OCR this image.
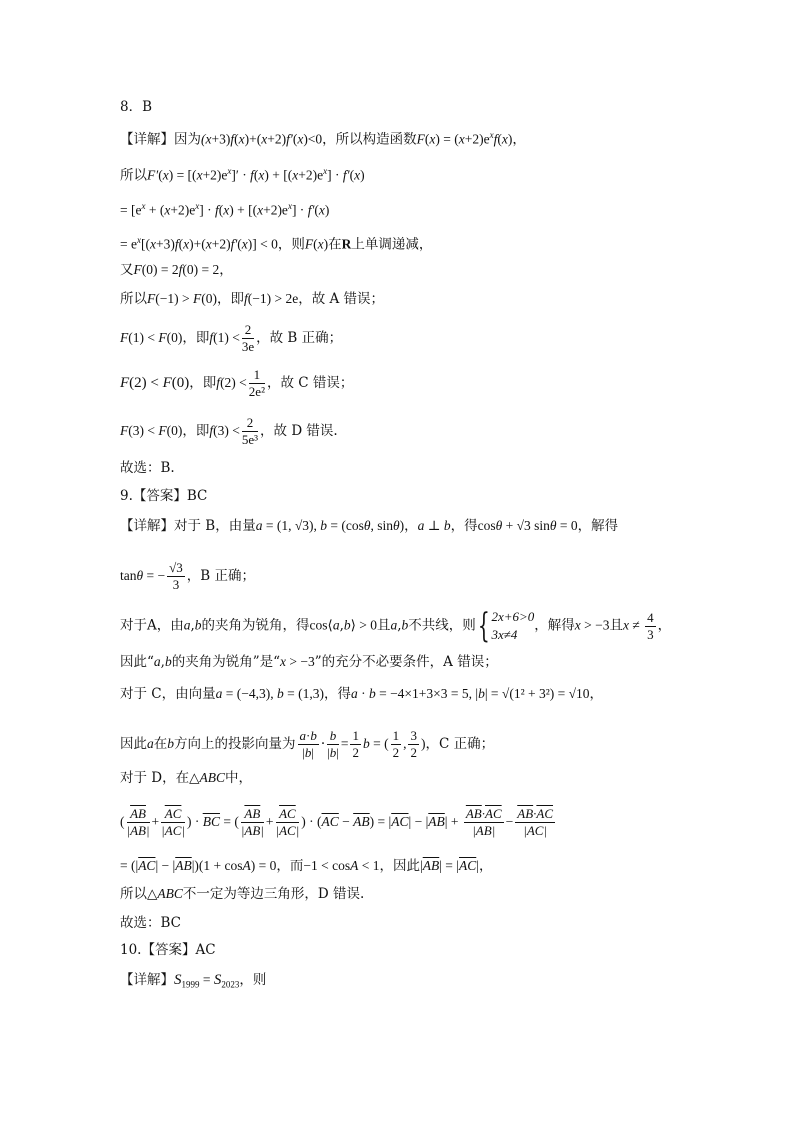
8．B
【详解】因为(x+3)f(x)+(x+2)f′(x)<0，所以构造函数$F(x) = (x+2)e^xf(x)$，
所以$F'(x) = [(x+2)e^x]' \cdot f(x) + [(x+2)e^x] \cdot f'(x)$
= $[e^x + (x+2)e^x] \cdot f(x) + [(x+2)e^x] \cdot f'(x)$
= $e^x[(x+3)f(x)+(x+2)f'(x)] < 0$，则F(x)在R上单调递减，
又F(0) = 2f(0) = 2，
所以F(−1) > F(0)，即f(−1) > 2e，故 A 错误；
F(1) < F(0)，即$f(1) < \frac{2}{3e}$ ，故 B 正确；
F(2) < F(0)，即$f(2) < \frac{1}{\text{2e²}}$ ，故 C 错误；
F(3) < F(0)，即$f(3) < \frac{2}{\text{5e³}}$ ，故 D 错误.
故选：B.
9.【答案】BC
【详解】对于 B，由量a = (1, √3), b = (cosθ, sinθ)，a ⊥ b，得cosθ + √3 sinθ = 0，解得
tanθ = − $\frac{√3}{3}$ ，B 正确；
对于A，由a,b的夹角为锐角，得cos⟨a,b⟩ > 0且a,b不共线，则{ 2x+6>0
3x≠4，解得x > −3且$x \ne \frac{4}{3}$ ，
因此“a,b的夹角为锐角”是“x > −3”的充分不必要条件，A 错误；
对于 C，由向量a = (−4,3), b = (1,3)，得a · b = −4×1+3×3 = 5, |b| = √(1² + 3²) = √10，
因此a在b方向上的投影向量为 $\frac{a\cdot b}{|b|} \cdot \frac{b}{|b|} = \frac{1}{2}$ b = ( $\frac{1}{2}$ , $\frac{3}{2}$ )，C 正确；
对于 D，在△ABC中，
( $\frac{\overline{AB}}{|\overline{AB}|} + \frac{\overline{AC}}{|\overline{AC}|}$ ) · $\overline{BC}$ = ( $\frac{\overline{AB}}{|\overline{AB}|} + \frac{\overline{AC}}{|\overline{AC}|}$ ) · $(\overline{AC} - \overline{AB}) = |\overline{AC}| - |\overline{AB}| + \frac{\overline{AB}\cdot\overline{AC}}{|\overline{AB}|} - \frac{\overline{AB}\cdot\overline{AC}}{|\overline{AC}|}$
= $(|\overline{AC}| - |\overline{AB}|)(1 + \cos A) = 0$，而−1 < cosA < 1，因此$|\overline{AB}| = |\overline{AC}|$，
所以△ABC不一定为等边三角形，D 错误.
故选：BC
10.【答案】AC
【详解】$S_{1999} = S_{2023}$，则
